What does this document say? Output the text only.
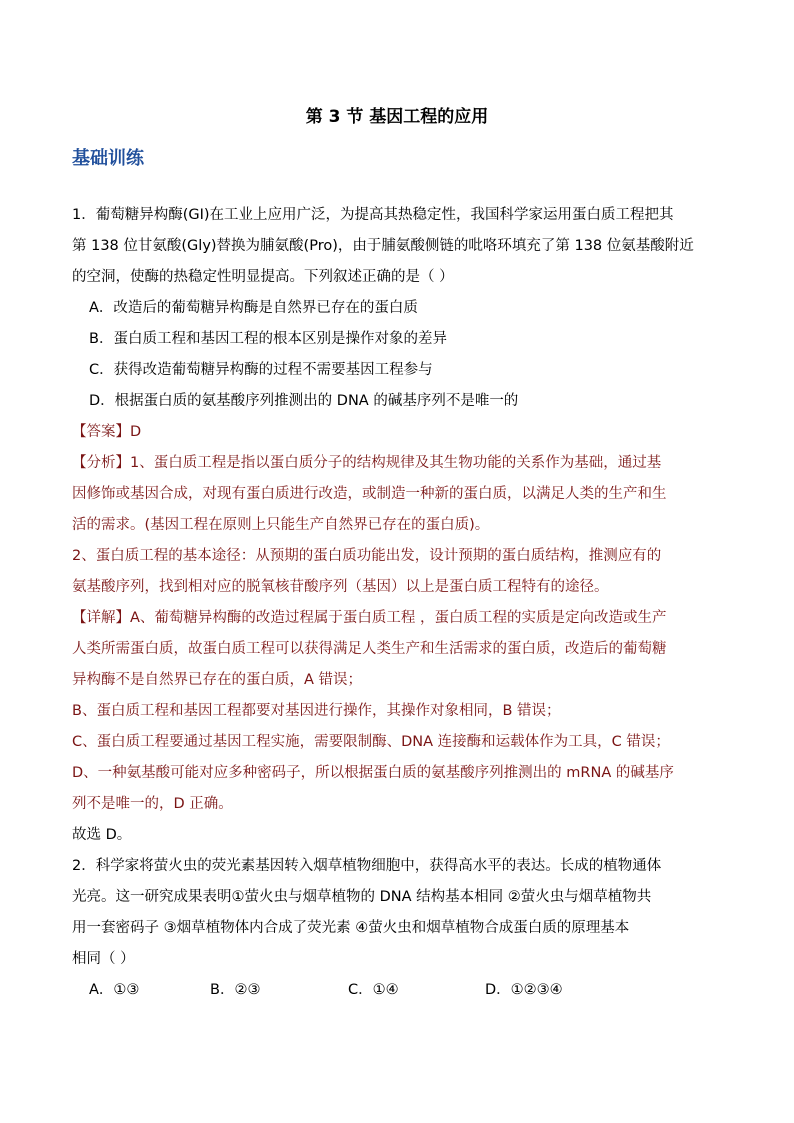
第 3 节 基因工程的应用
基础训练
1．葡萄糖异构酶(GI)在工业上应用广泛，为提高其热稳定性，我国科学家运用蛋白质工程把其
第 138 位甘氨酸(Gly)替换为脯氨酸(Pro)，由于脯氨酸侧链的吡咯环填充了第 138 位氨基酸附近
的空洞，使酶的热稳定性明显提高。下列叙述正确的是（ ）
A．改造后的葡萄糖异构酶是自然界已存在的蛋白质
B．蛋白质工程和基因工程的根本区别是操作对象的差异
C．获得改造葡萄糖异构酶的过程不需要基因工程参与
D．根据蛋白质的氨基酸序列推测出的 DNA 的碱基序列不是唯一的
【答案】D
【分析】1、蛋白质工程是指以蛋白质分子的结构规律及其生物功能的关系作为基础，通过基
因修饰或基因合成，对现有蛋白质进行改造，或制造一种新的蛋白质，以满足人类的生产和生
活的需求。(基因工程在原则上只能生产自然界已存在的蛋白质)。
2、蛋白质工程的基本途径：从预期的蛋白质功能出发，设计预期的蛋白质结构，推测应有的
氨基酸序列，找到相对应的脱氧核苷酸序列（基因）以上是蛋白质工程特有的途径。
【详解】A、葡萄糖异构酶的改造过程属于蛋白质工程 ，蛋白质工程的实质是定向改造或生产
人类所需蛋白质，故蛋白质工程可以获得满足人类生产和生活需求的蛋白质，改造后的葡萄糖
异构酶不是自然界已存在的蛋白质，A 错误；
B、蛋白质工程和基因工程都要对基因进行操作，其操作对象相同，B 错误；
C、蛋白质工程要通过基因工程实施，需要限制酶、DNA 连接酶和运载体作为工具，C 错误；
D、一种氨基酸可能对应多种密码子，所以根据蛋白质的氨基酸序列推测出的 mRNA 的碱基序
列不是唯一的，D 正确。
故选 D。
2．科学家将萤火虫的荧光素基因转入烟草植物细胞中，获得高水平的表达。长成的植物通体
光亮。这一研究成果表明①萤火虫与烟草植物的 DNA 结构基本相同 ②萤火虫与烟草植物共
用一套密码子 ③烟草植物体内合成了荧光素 ④萤火虫和烟草植物合成蛋白质的原理基本
相同（ ）
A．①③	B．②③	C．①④	D．①②③④
